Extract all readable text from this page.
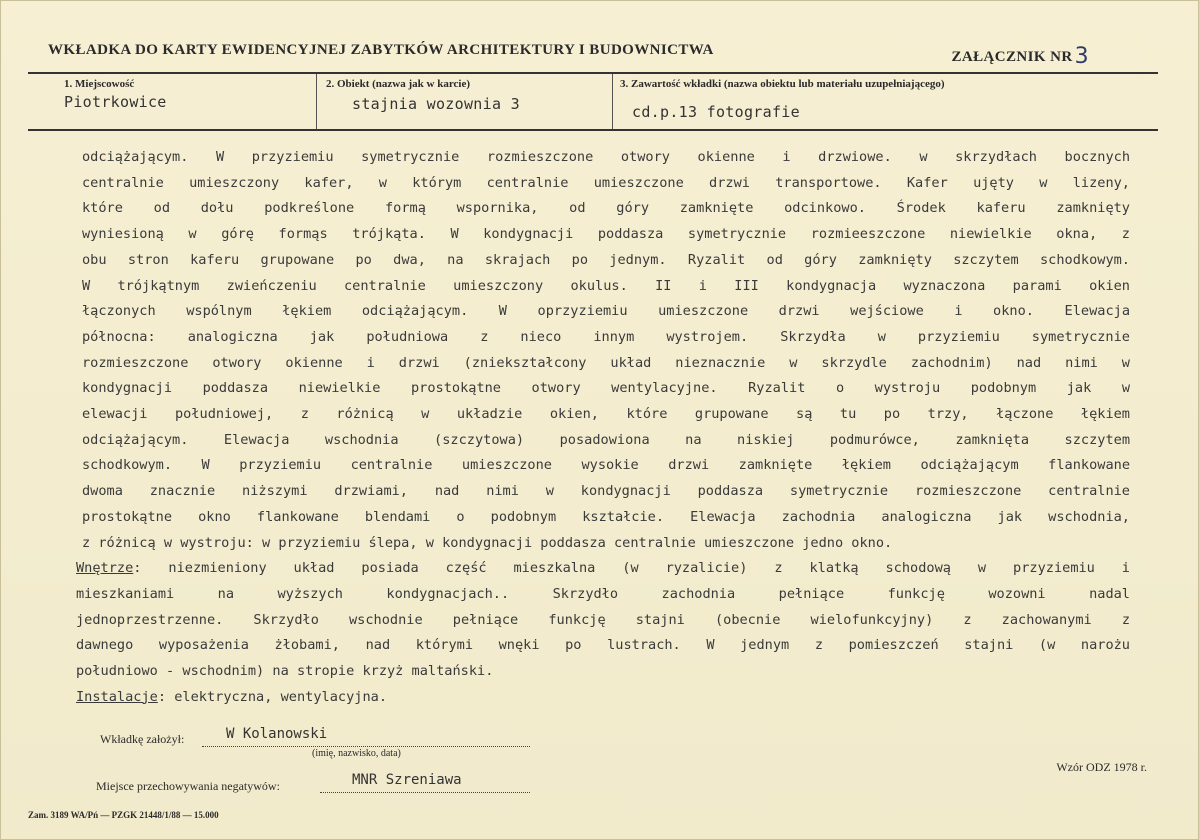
WKŁADKA DO KARTY EWIDENCYJNEJ ZABYTKÓW ARCHITEKTURY I BUDOWNICTWA	ZAŁĄCZNIK NR3
1. Miejscowość
Piotrkowice
2. Obiekt (nazwa jak w karcie)
stajnia wozownia 3
3. Zawartość wkładki (nazwa obiektu lub materiału uzupełniającego)
cd.p.13 fotografie
odciążającym. W przyziemiu symetrycznie rozmieszczone otwory okienne i drzwiowe. w skrzydłach bocznych
centralnie umieszczony kafer, w którym centralnie umieszczone drzwi transportowe. Kafer ujęty w lizeny,
które od dołu podkreślone formą wspornika, od góry zamknięte odcinkowo. Środek kaferu zamknięty
wyniesioną w górę formąs trójkąta. W kondygnacji poddasza symetrycznie rozmieeszczone niewielkie okna, z
obu stron kaferu grupowane po dwa, na skrajach po jednym. Ryzalit od góry zamknięty szczytem schodkowym.
W trójkątnym zwieńczeniu centralnie umieszczony okulus. II i III kondygnacja wyznaczona parami okien
łączonych wspólnym łękiem odciążającym. W oprzyziemiu umieszczone drzwi wejściowe i okno. Elewacja
północna: analogiczna jak południowa z nieco innym wystrojem. Skrzydła w przyziemiu symetrycznie
rozmieszczone otwory okienne i drzwi (zniekształcony układ nieznacznie w skrzydle zachodnim) nad nimi w
kondygnacji poddasza niewielkie prostokątne otwory wentylacyjne. Ryzalit o wystroju podobnym jak w
elewacji południowej, z różnicą w układzie okien, które grupowane są tu po trzy, łączone łękiem
odciążającym. Elewacja wschodnia (szczytowa) posadowiona na niskiej podmurówce, zamknięta szczytem
schodkowym. W przyziemiu centralnie umieszczone wysokie drzwi zamknięte łękiem odciążającym flankowane
dwoma znacznie niższymi drzwiami, nad nimi w kondygnacji poddasza symetrycznie rozmieszczone centralnie
prostokątne okno flankowane blendami o podobnym kształcie. Elewacja zachodnia analogiczna jak wschodnia,
z różnicą w wystroju: w przyziemiu ślepa, w kondygnacji poddasza centralnie umieszczone jedno okno.
Wnętrze: niezmieniony układ posiada część mieszkalna (w ryzalicie) z klatką schodową w przyziemiu i
mieszkaniami na wyższych kondygnacjach.. Skrzydło zachodnia pełniące funkcję wozowni nadal
jednoprzestrzenne. Skrzydło wschodnie pełniące funkcję stajni (obecnie wielofunkcyjny) z zachowanymi z
dawnego wyposażenia żłobami, nad którymi wnęki po lustrach. W jednym z pomieszczeń stajni (w narożu
południowo - wschodnim) na stropie krzyż maltański.
Instalacje: elektryczna, wentylacyjna.
Wkładkę założył:	W Kolanowski
(imię, nazwisko, data)
Miejsce przechowywania negatywów:	MNR Szreniawa
Wzór ODZ 1978 r.
Zam. 3189 WA/Pń — PZGK 21448/1/88 — 15.000
